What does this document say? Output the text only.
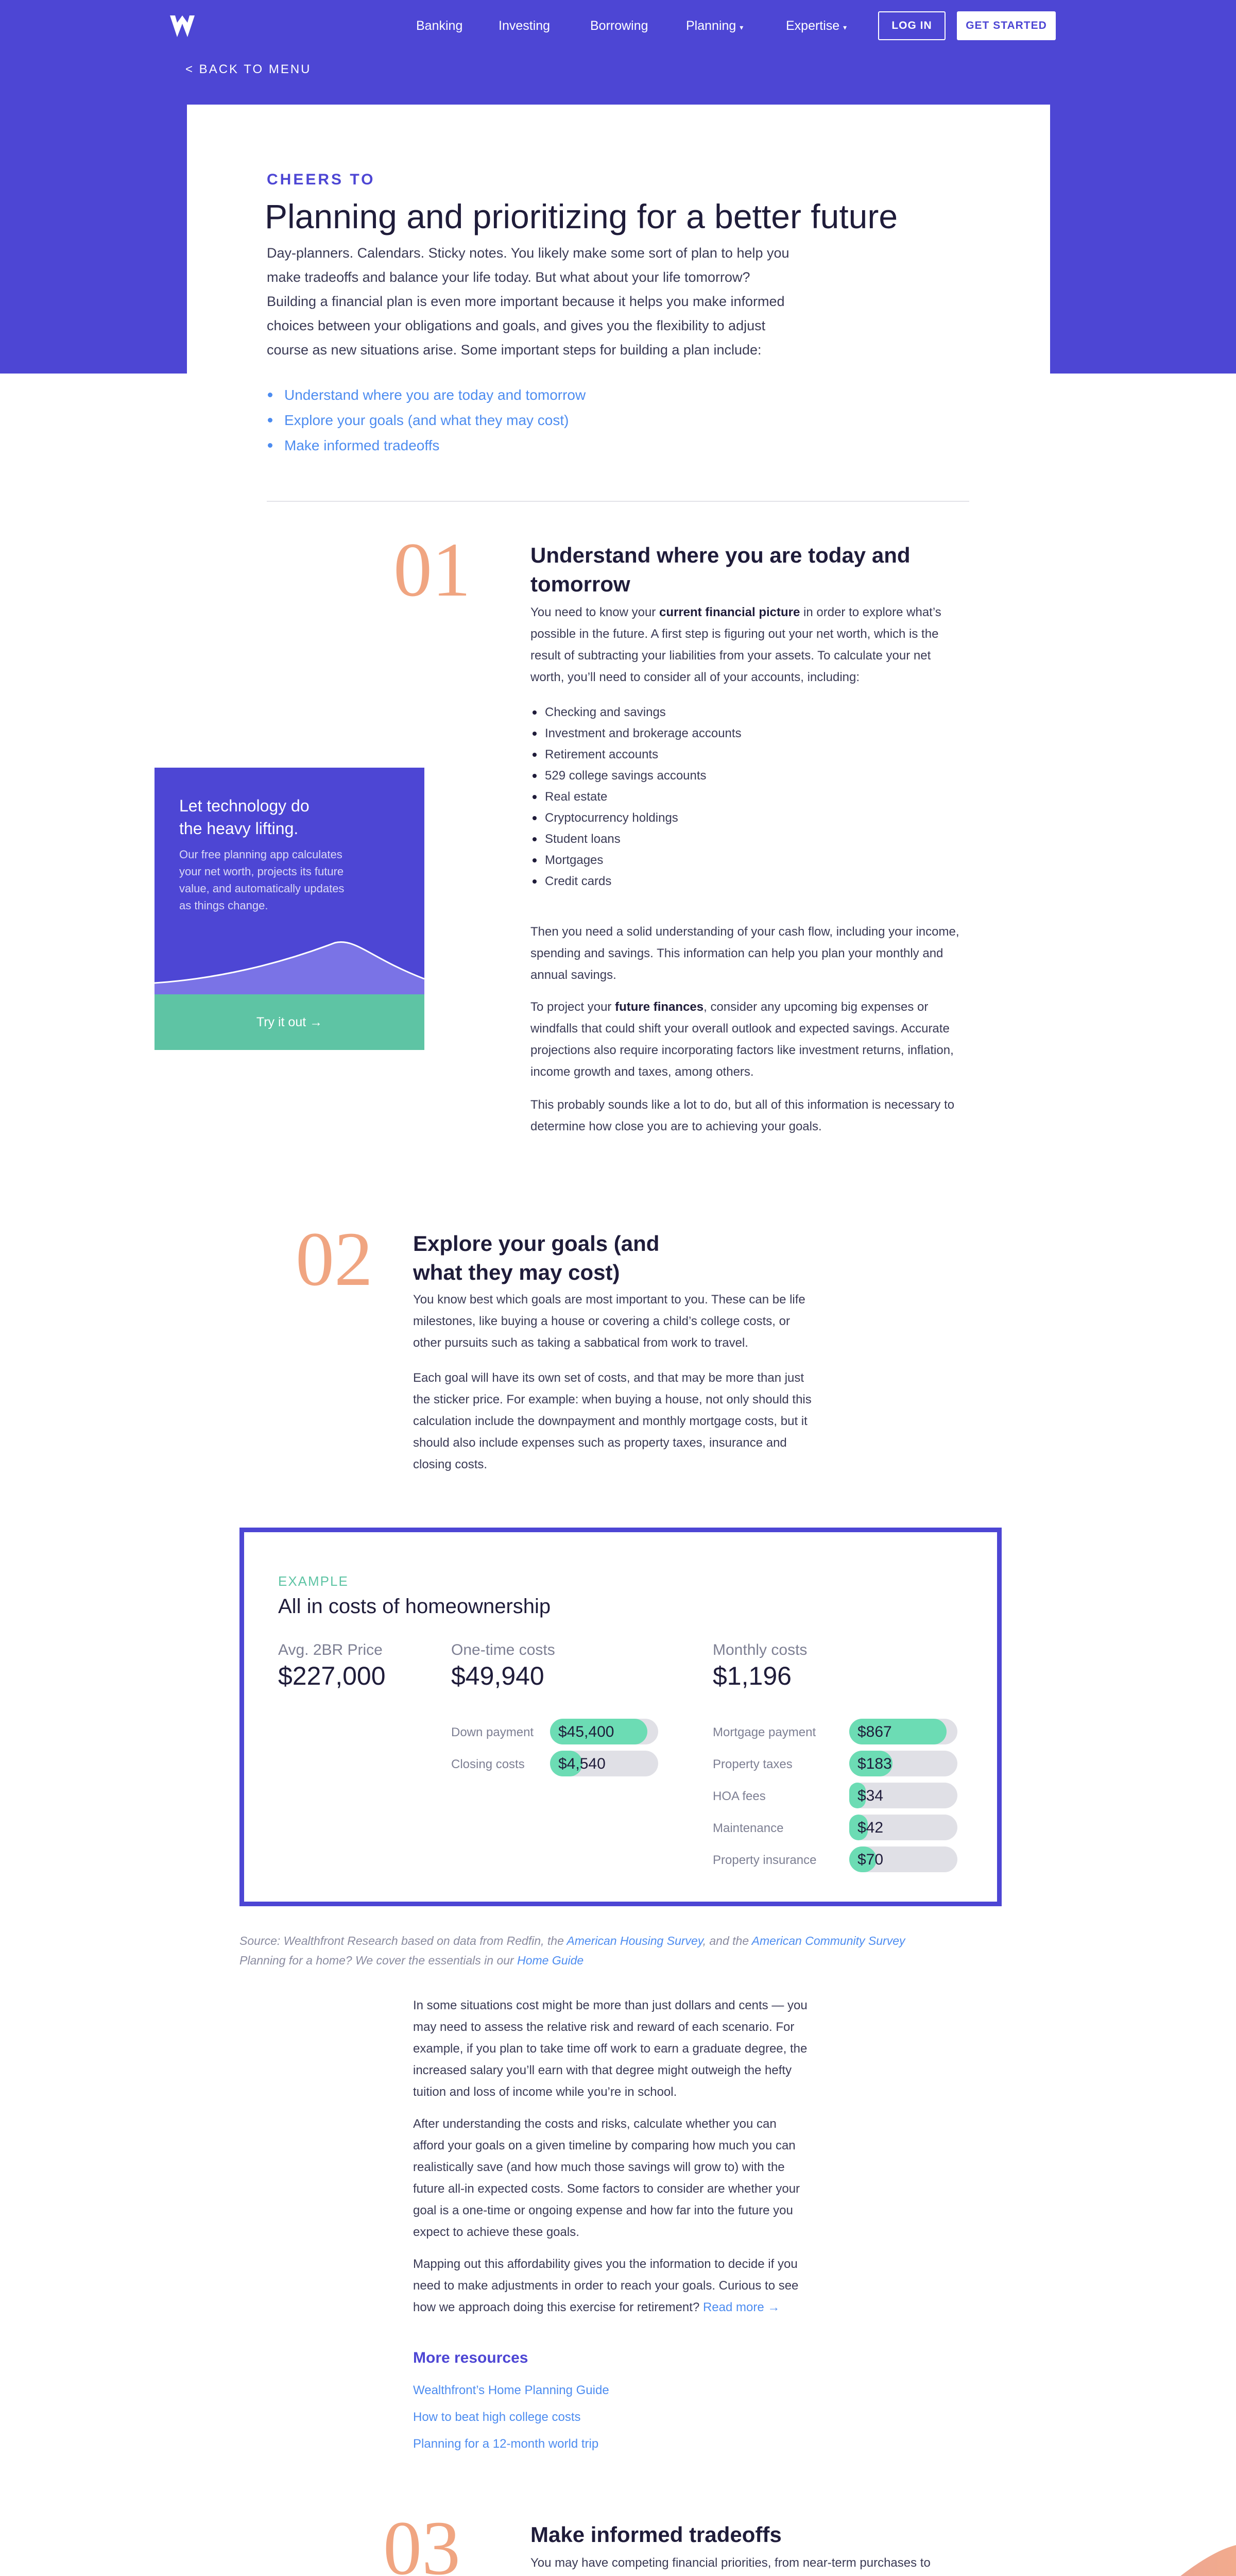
Banking	Investing	Borrowing	Planning ▾	Expertise ▾	LOG IN	GET STARTED
< BACK TO MENU
CHEERS TO
Planning and prioritizing for a better future
Day-planners. Calendars. Sticky notes. You likely make some sort of plan to help you
make tradeoffs and balance your life today. But what about your life tomorrow?
Building a financial plan is even more important because it helps you make informed
choices between your obligations and goals, and gives you the flexibility to adjust
course as new situations arise. Some important steps for building a plan include:
Understand where you are today and tomorrow
Explore your goals (and what they may cost)
Make informed tradeoffs
01	Understand where you are today and
tomorrow
You need to know your current financial picture in order to explore what’s
possible in the future. A first step is figuring out your net worth, which is the
result of subtracting your liabilities from your assets. To calculate your net
worth, you’ll need to consider all of your accounts, including:
Checking and savings
Investment and brokerage accounts
Retirement accounts
529 college savings accounts
Real estate
Cryptocurrency holdings
Student loans
Mortgages
Credit cards
Then you need a solid understanding of your cash flow, including your income,
spending and savings. This information can help you plan your monthly and
annual savings.
To project your future finances, consider any upcoming big expenses or
windfalls that could shift your overall outlook and expected savings. Accurate
projections also require incorporating factors like investment returns, inflation,
income growth and taxes, among others.
This probably sounds like a lot to do, but all of this information is necessary to
determine how close you are to achieving your goals.
Let technology do
the heavy lifting.
Our free planning app calculates
your net worth, projects its future
value, and automatically updates
as things change.
Try it out →
02 Explore your goals (and
what they may cost)
You know best which goals are most important to you. These can be life
milestones, like buying a house or covering a child’s college costs, or
other pursuits such as taking a sabbatical from work to travel.
Each goal will have its own set of costs, and that may be more than just
the sticker price. For example: when buying a house, not only should this
calculation include the downpayment and monthly mortgage costs, but it
should also include expenses such as property taxes, insurance and
closing costs.
EXAMPLE
All in costs of homeownership
Avg. 2BR Price
$227,000
One-time costs
$49,940
Monthly costs
$1,196
Down payment $45,400
Closing costs $4,540
Mortgage payment	$867
Property taxes	$183
HOA fees	$34
Maintenance	$42
Property insurance	$70
Source: Wealthfront Research based on data from Redfin, the American Housing Survey, and the American Community Survey
Planning for a home? We cover the essentials in our Home Guide
In some situations cost might be more than just dollars and cents — you
may need to assess the relative risk and reward of each scenario. For
example, if you plan to take time off work to earn a graduate degree, the
increased salary you’ll earn with that degree might outweigh the hefty
tuition and loss of income while you’re in school.
After understanding the costs and risks, calculate whether you can
afford your goals on a given timeline by comparing how much you can
realistically save (and how much those savings will grow to) with the
future all-in expected costs. Some factors to consider are whether your
goal is a one-time or ongoing expense and how far into the future you
expect to achieve these goals.
Mapping out this affordability gives you the information to decide if you
need to make adjustments in order to reach your goals. Curious to see
how we approach doing this exercise for retirement? Read more →
More resources
Wealthfront’s Home Planning Guide
How to beat high college costs
Planning for a 12-month world trip
03	Make informed tradeoffs
You may have competing financial priorities, from near-term purchases to
